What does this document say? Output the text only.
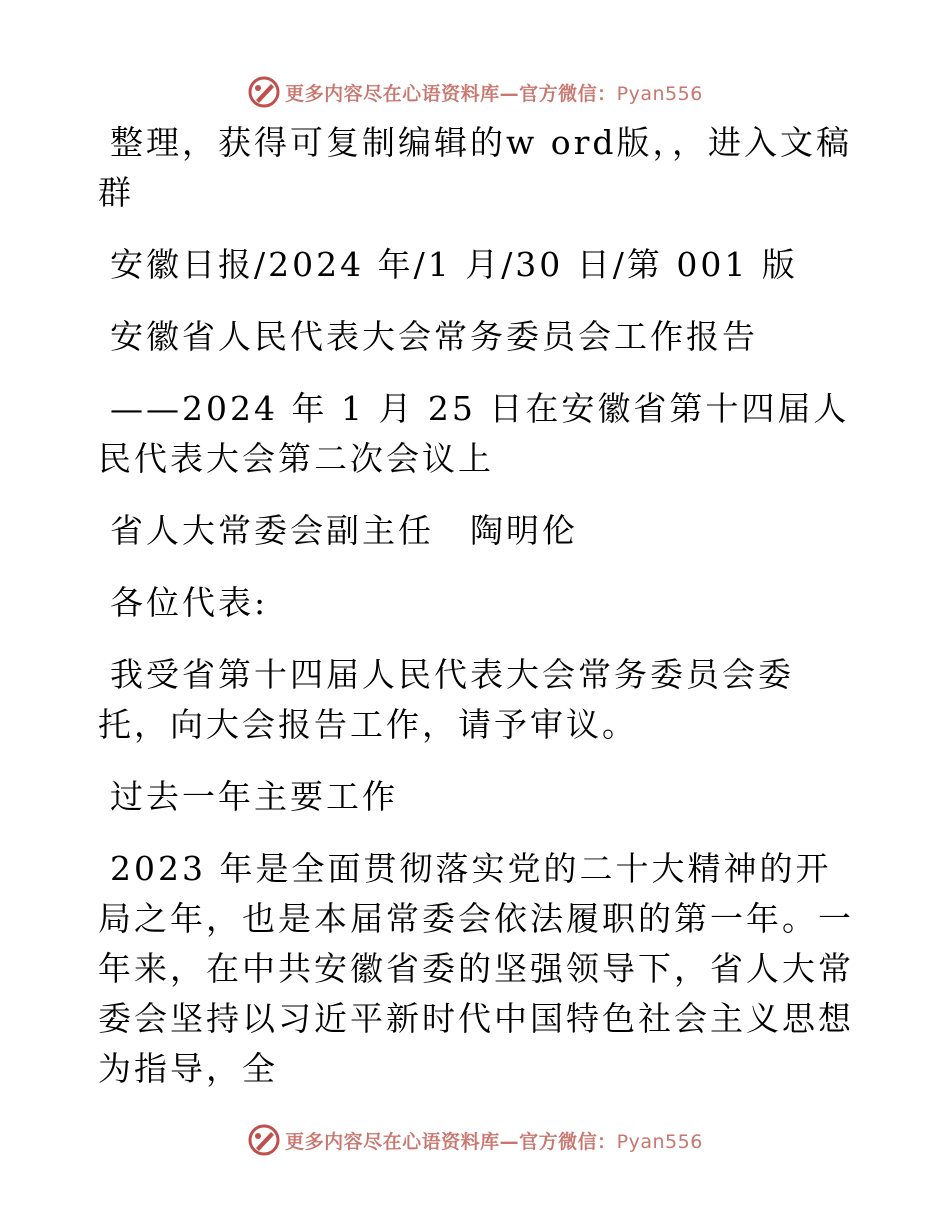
更多内容尽在心语资料库—官方微信：Pyan556

整理，获得可复制编辑的w ord版，，进入文稿群

安徽日报/2024 年/1 月/30 日/第 001 版

安徽省人民代表大会常务委员会工作报告

——2024 年 1 月 25 日在安徽省第十四届人民代表大会第二次会议上

省人大常委会副主任　陶明伦

各位代表:

我受省第十四届人民代表大会常务委员会委托，向大会报告工作，请予审议。

过去一年主要工作

2023 年是全面贯彻落实党的二十大精神的开局之年，也是本届常委会依法履职的第一年。一年来，在中共安徽省委的坚强领导下，省人大常委会坚持以习近平新时代中国特色社会主义思想为指导，全

更多内容尽在心语资料库—官方微信：Pyan556
